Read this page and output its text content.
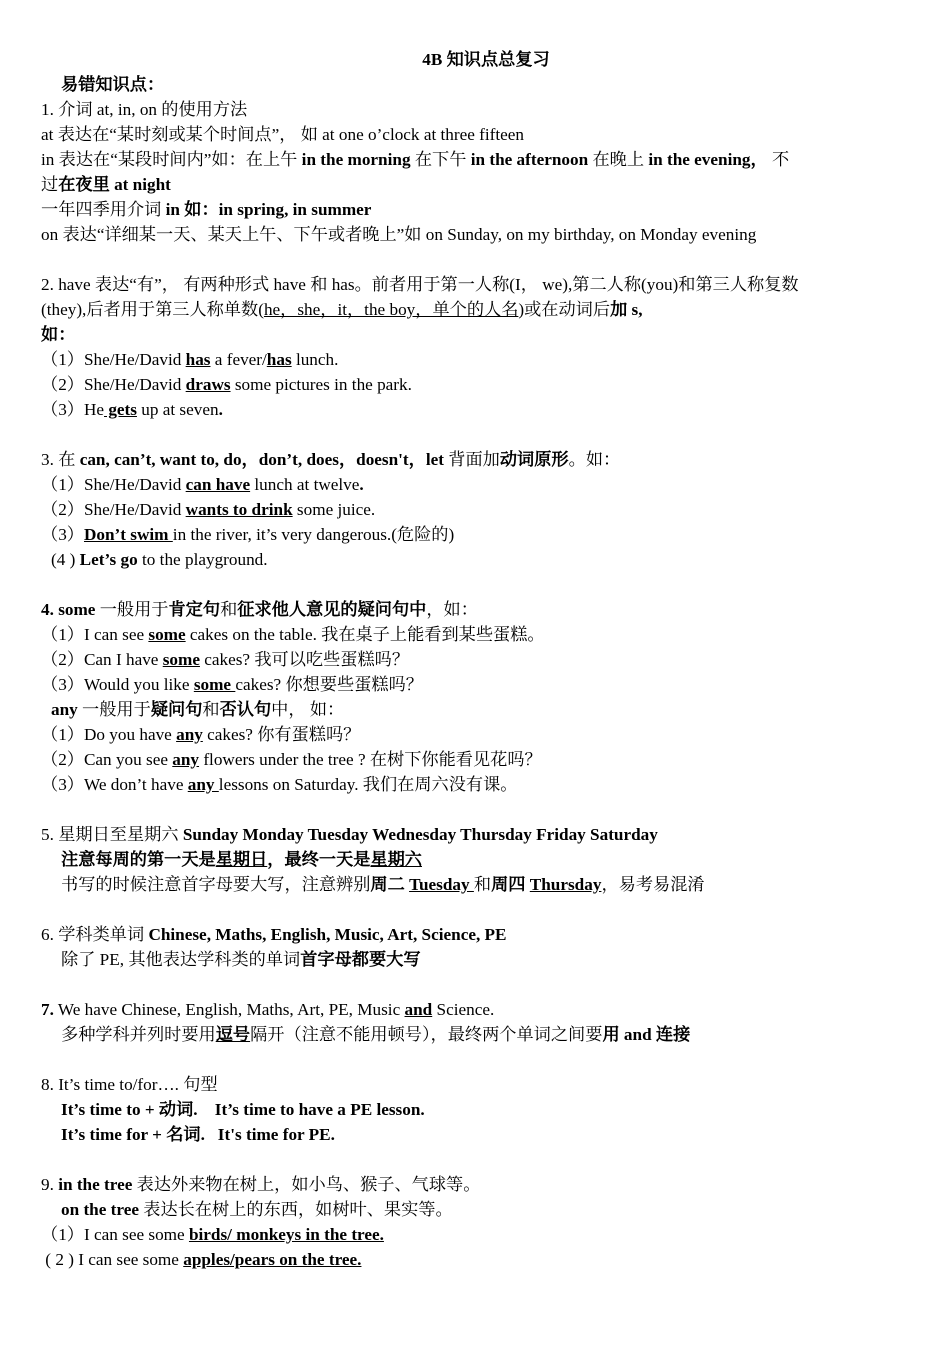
4B 知识点总复习
易错知识点：
1. 介词 at, in, on 的使用方法
at 表达在“某时刻或某个时间点”， 如 at one o’clock at three fifteen
in 表达在“某段时间内”如：在上午 in the morning 在下午 in the afternoon 在晚上 in the evening， 不
过在夜里 at night
一年四季用介词 in 如：in spring, in summer
on 表达“详细某一天、某天上午、下午或者晚上”如 on Sunday, on my birthday, on Monday evening
2. have 表达“有”， 有两种形式 have 和 has。前者用于第一人称(I， we),第二人称(you)和第三人称复数
(they),后者用于第三人称单数(he，she，it，the boy，单个的人名)或在动词后加 s,
如：
（1）She/He/David has a fever/has lunch.
（2）She/He/David draws some pictures in the park.
（3）He gets up at seven.
3. 在 can, can’t, want to, do，don’t, does，doesn't，let 背面加动词原形。如：
（1）She/He/David can have lunch at twelve.
（2）She/He/David wants to drink some juice.
（3）Don’t swim in the river, it’s very dangerous.(危险的)
(4 ) Let’s go to the playground.
4. some 一般用于肯定句和征求他人意见的疑问句中，如：
（1）I can see some cakes on the table. 我在桌子上能看到某些蛋糕。
（2）Can I have some cakes? 我可以吃些蛋糕吗？
（3）Would you like some cakes? 你想要些蛋糕吗？
any 一般用于疑问句和否认句中， 如：
（1）Do you have any cakes? 你有蛋糕吗？
（2）Can you see any flowers under the tree ? 在树下你能看见花吗？
（3）We don’t have any lessons on Saturday. 我们在周六没有课。
5. 星期日至星期六 Sunday Monday Tuesday Wednesday Thursday Friday Saturday
注意每周的第一天是星期日，最终一天是星期六
书写的时候注意首字母要大写，注意辨别周二 Tuesday 和周四 Thursday，易考易混淆
6. 学科类单词 Chinese, Maths, English, Music, Art, Science, PE
除了 PE, 其他表达学科类的单词首字母都要大写
7. We have Chinese, English, Maths, Art, PE, Music and Science.
多种学科并列时要用逗号隔开（注意不能用顿号），最终两个单词之间要用 and 连接
8. It’s time to/for…. 句型
It’s time to + 动词.    It’s time to have a PE lesson.
It’s time for + 名词.   It's time for PE.
9. in the tree 表达外来物在树上，如小鸟、猴子、气球等。
on the tree 表达长在树上的东西，如树叶、果实等。
（1）I can see some birds/ monkeys in the tree.
( 2 ) I can see some apples/pears on the tree.
